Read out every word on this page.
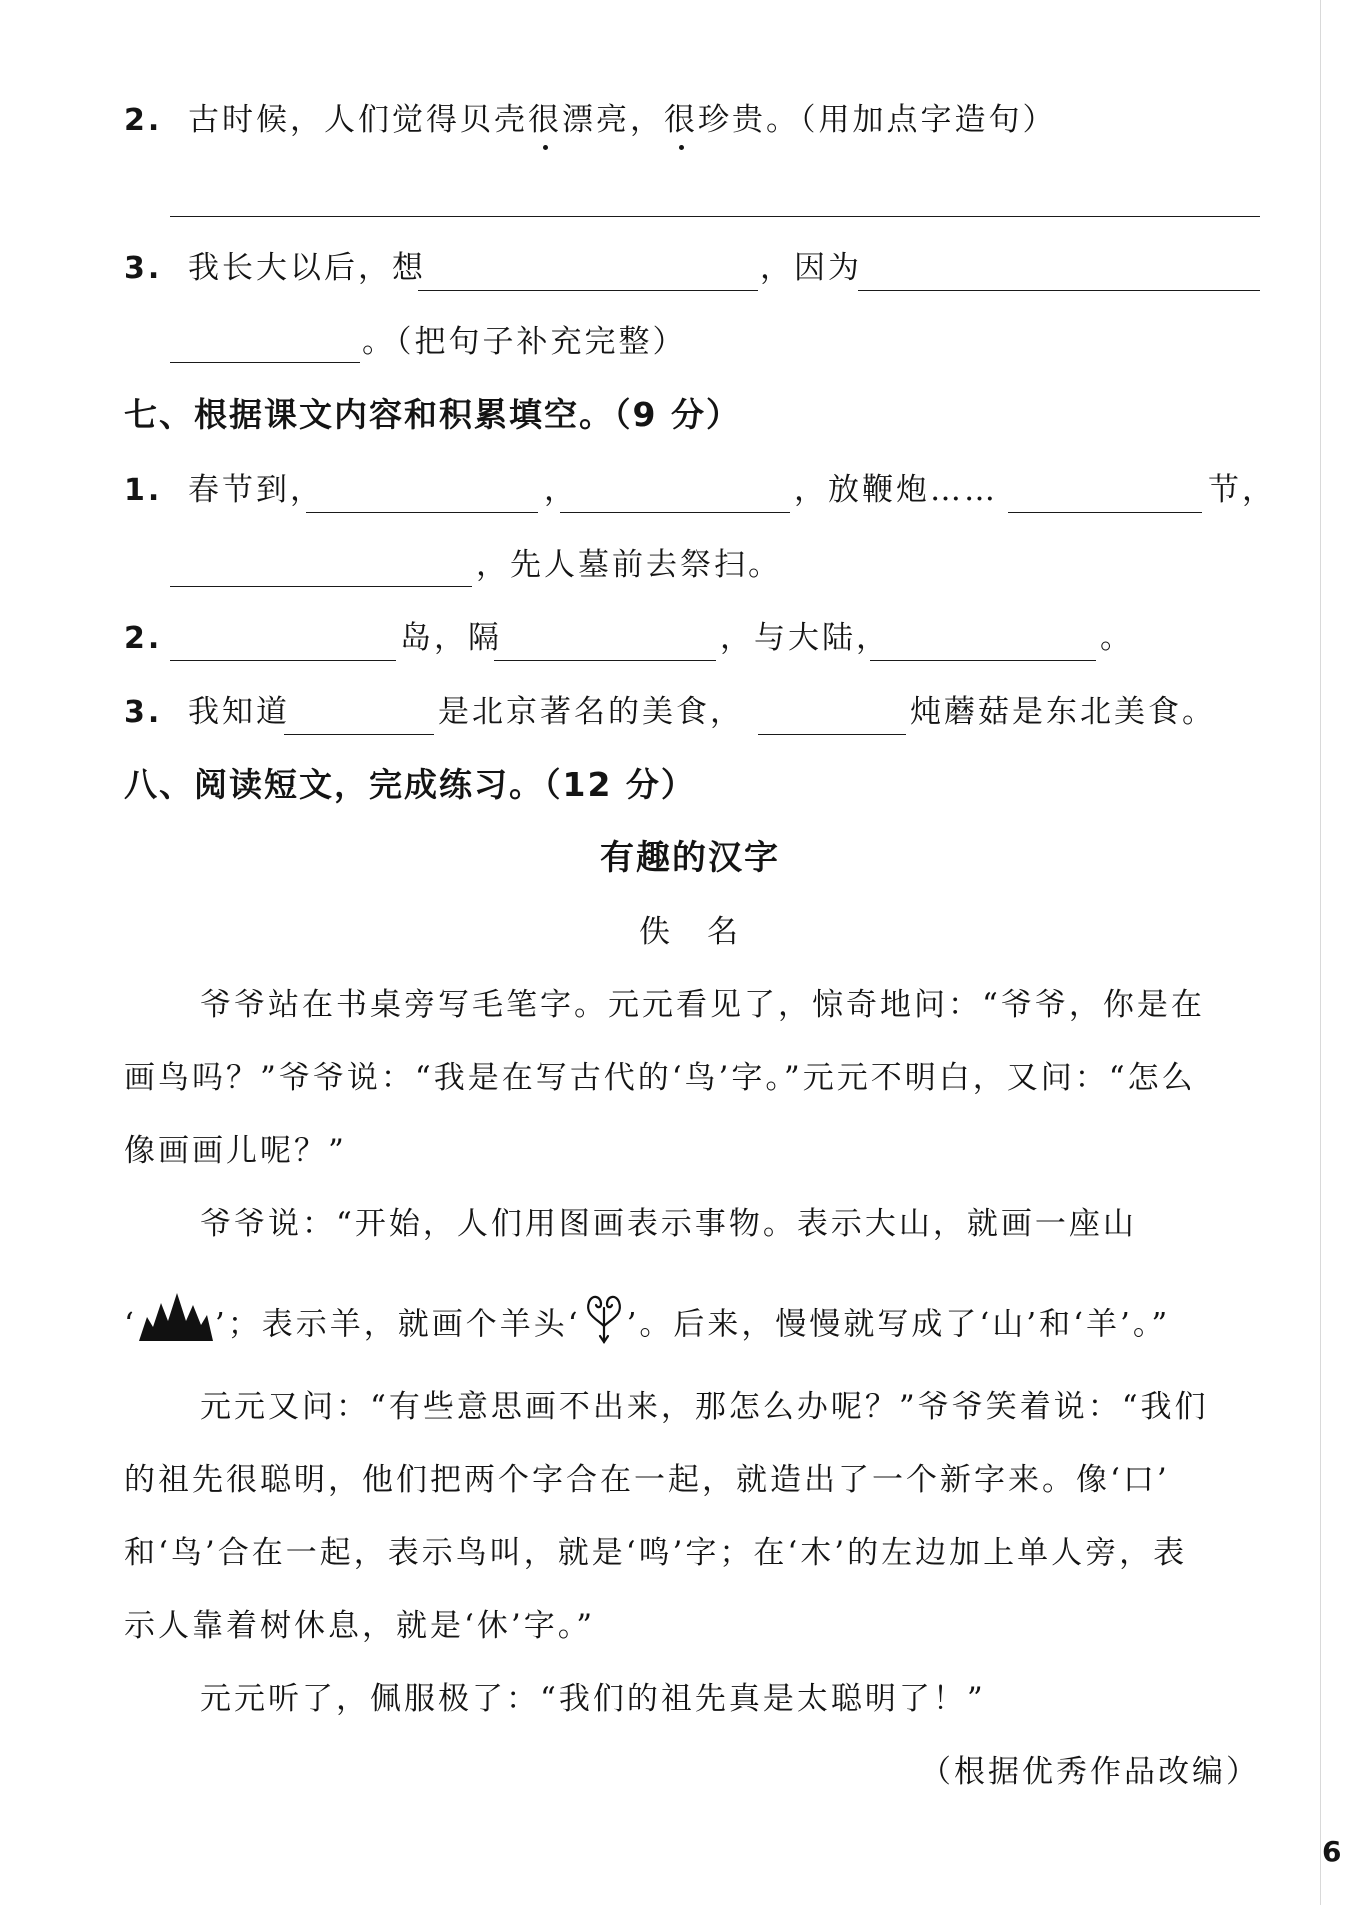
2. 古时候，人们觉得贝壳很漂亮，很珍贵。（用加点字造句）
3. 我长大以后，想	，因为
。（把句子补充完整）
七、根据课文内容和积累填空。（9 分）
1. 春节到，	，	，放鞭炮……	节，
，先人墓前去祭扫。
2.	岛，隔	，与大陆，	。
3. 我知道	是北京著名的美食，	炖蘑菇是东北美食。
八、阅读短文，完成练习。（12 分）
有趣的汉字
佚　名
爷爷站在书桌旁写毛笔字。元元看见了，惊奇地问：“爷爷，你是在
画鸟吗？”爷爷说：“我是在写古代的‘鸟’字。”元元不明白，又问：“怎么
像画画儿呢？”
爷爷说：“开始，人们用图画表示事物。表示大山，就画一座山
‘	’；表示羊，就画个羊头‘ ’。后来，慢慢就写成了‘山’和‘羊’。”
元元又问：“有些意思画不出来，那怎么办呢？”爷爷笑着说：“我们
的祖先很聪明，他们把两个字合在一起，就造出了一个新字来。像‘口’
和‘鸟’合在一起，表示鸟叫，就是‘鸣’字；在‘木’的左边加上单人旁，表
示人靠着树休息，就是‘休’字。”
元元听了，佩服极了：“我们的祖先真是太聪明了！”
（根据优秀作品改编）
6
